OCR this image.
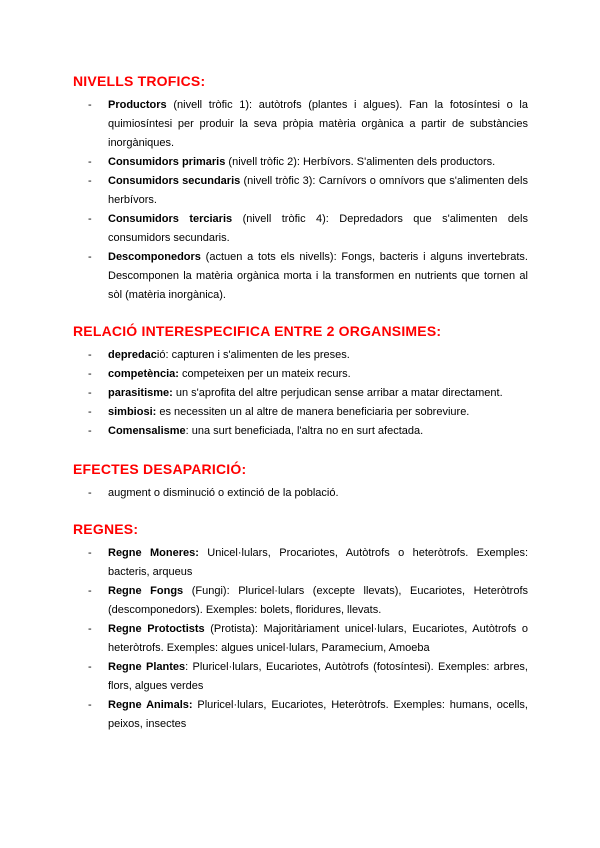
NIVELLS TROFICS:
- Productors (nivell tròfic 1): autòtrofs (plantes i algues). Fan la fotosíntesi o la quimiosíntesi per produir la seva pròpia matèria orgànica a partir de substàncies inorgàniques.
- Consumidors primaris (nivell tròfic 2): Herbívors. S'alimenten dels productors.
- Consumidors secundaris (nivell tròfic 3): Carnívors o omnívors que s'alimenten dels herbívors.
- Consumidors terciaris (nivell tròfic 4): Depredadors que s'alimenten dels consumidors secundaris.
- Descomponedors (actuen a tots els nivells): Fongs, bacteris i alguns invertebrats. Descomponen la matèria orgànica morta i la transformen en nutrients que tornen al sòl (matèria inorgànica).
RELACIÓ INTERESPECIFICA ENTRE 2 ORGANSIMES:
- depredació: capturen i s'alimenten de les preses.
- competència: competeixen per un mateix recurs.
- parasitisme: un s'aprofita del altre perjudican sense arribar a matar directament.
- simbiosi: es necessiten un al altre de manera beneficiaria per sobreviure.
- Comensalisme: una surt beneficiada, l'altra no en surt afectada.
EFECTES DESAPARICIÓ:
- augment o disminució o extinció de la població.
REGNES:
- Regne Moneres: Unicel·lulars, Procariotes, Autòtrofs o heteròtrofs. Exemples: bacteris, arqueus
- Regne Fongs (Fungi): Pluricel·lulars (excepte llevats), Eucariotes, Heteròtrofs (descomponedors). Exemples: bolets, floridures, llevats.
- Regne Protoctists (Protista): Majoritàriament unicel·lulars, Eucariotes, Autòtrofs o heteròtrofs. Exemples: algues unicel·lulars, Paramecium, Amoeba
- Regne Plantes: Pluricel·lulars, Eucariotes, Autòtrofs (fotosíntesi). Exemples: arbres, flors, algues verdes
- Regne Animals: Pluricel·lulars, Eucariotes, Heteròtrofs. Exemples: humans, ocells, peixos, insectes
